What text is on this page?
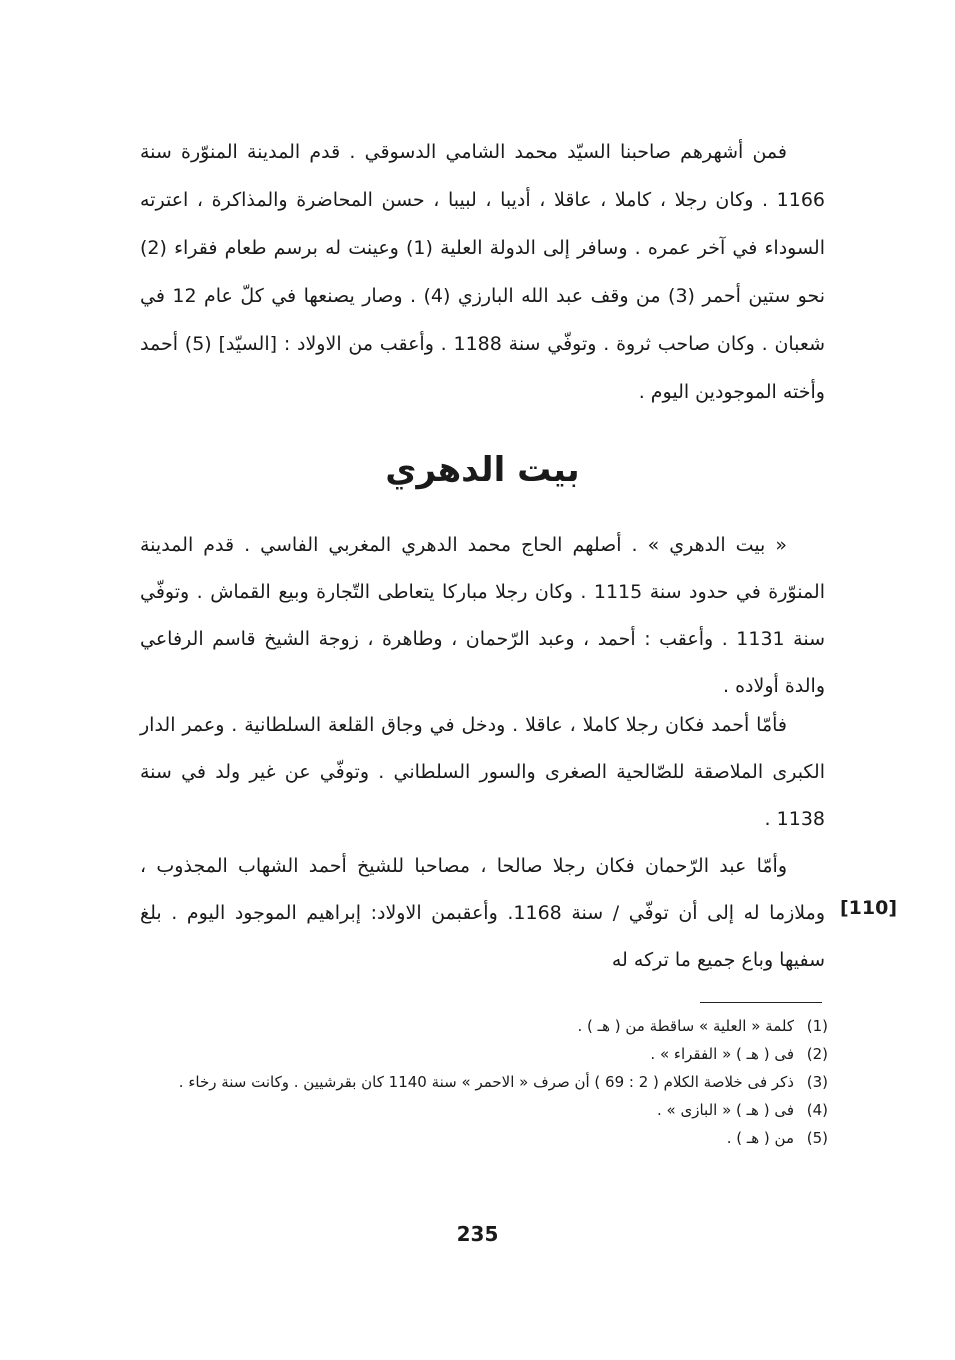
فمن أشهرهم صاحبنا السيّد محمد الشامي الدسوقي . قدم المدينة المنوّرة سنة 1166 . وكان رجلا ، كاملا ، عاقلا ، أديبا ، لبيبا ، حسن المحاضرة والمذاكرة ، اعترته السوداء في آخر عمره . وسافر إلى الدولة العلية (1) وعينت له برسم طعام فقراء (2) نحو ستين أحمر (3) من وقف عبد الله البارزي (4) . وصار يصنعها في كلّ عام 12 في شعبان . وكان صاحب ثروة . وتوفّي سنة 1188 . وأعقب من الاولاد : [السيّد] (5) أحمد وأخته الموجودين اليوم .

بيت الدهري

« بيت الدهري » . أصلهم الحاج محمد الدهري المغربي الفاسي . قدم المدينة المنوّرة في حدود سنة 1115 . وكان رجلا مباركا يتعاطى التّجارة وبيع القماش . وتوفّي سنة 1131 . وأعقب : أحمد ، وعبد الرّحمان ، وطاهرة ، زوجة الشيخ قاسم الرفاعي والدة أولاده .

فأمّا أحمد فكان رجلا كاملا ، عاقلا . ودخل في وجاق القلعة السلطانية . وعمر الدار الكبرى الملاصقة للصّالحية الصغرى والسور السلطاني . وتوفّي عن غير ولد في سنة 1138 .

وأمّا عبد الرّحمان فكان رجلا صالحا ، مصاحبا للشيخ أحمد الشهاب المجذوب ، وملازما له إلى أن توفّي / سنة 1168. وأعقبمن الاولاد: إبراهيم الموجود اليوم . بلغ سفيها وباع جميع ما تركه له

[110]
(1)
كلمة « العلية » ساقطة من ( هـ ) .
(2)
فى ( هـ ) « الفقراء » .
(3)
ذكر فى خلاصة الكلام ( 2 : 69 ) أن صرف « الاحمر » سنة 1140 كان بقرشيين . وكانت سنة رخاء .
(4)
فى ( هـ ) « البازى » .
(5)
من ( هـ ) .
235
